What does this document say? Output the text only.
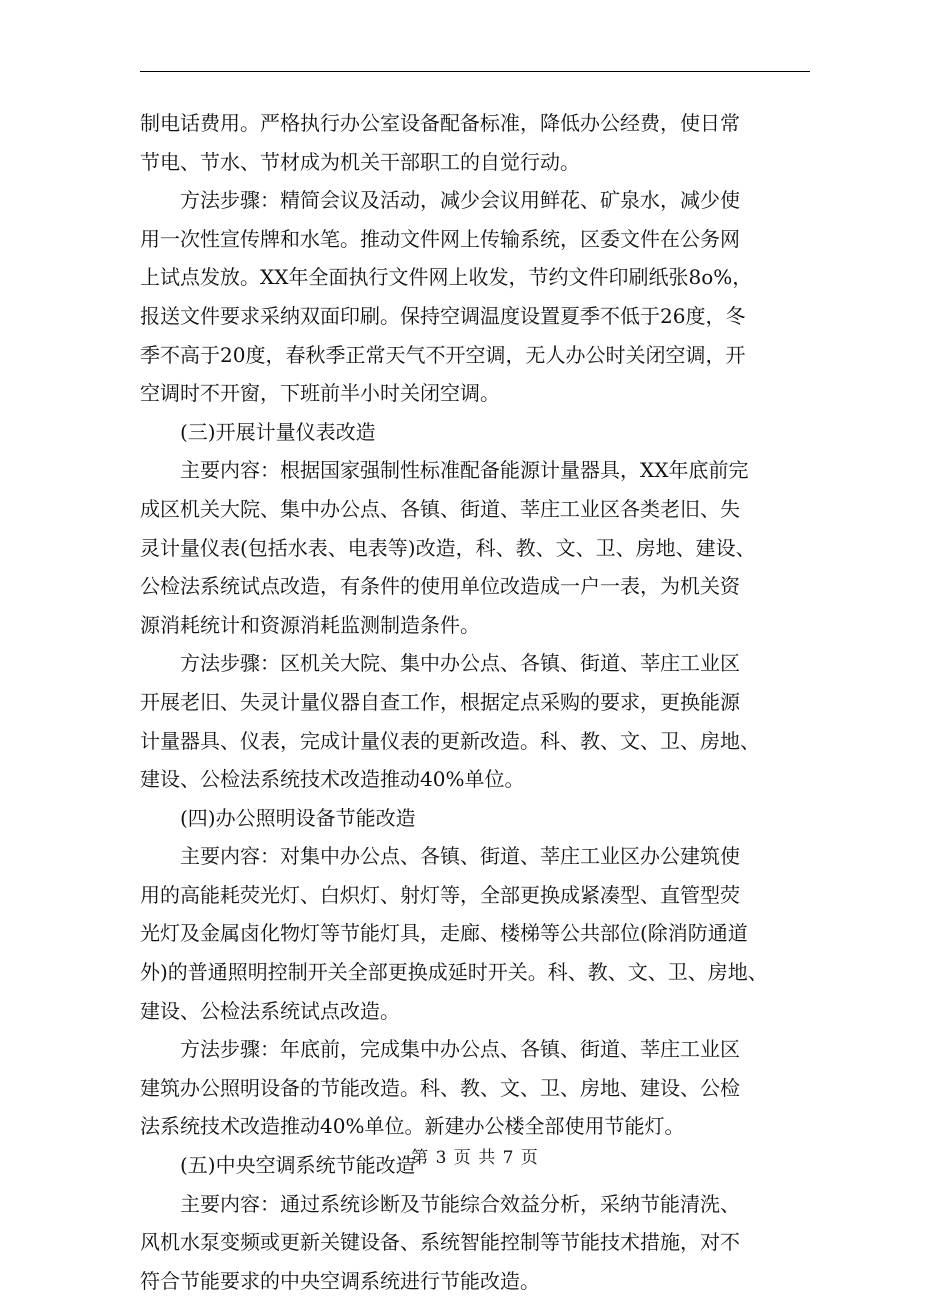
制电话费用。严格执行办公室设备配备标准，降低办公经费，使日常
节电、节水、节材成为机关干部职工的自觉行动。
方法步骤：精简会议及活动，减少会议用鲜花、矿泉水，减少使
用一次性宣传牌和水笔。推动文件网上传输系统，区委文件在公务网
上试点发放。XX年全面执行文件网上收发，节约文件印刷纸张8o%，
报送文件要求采纳双面印刷。保持空调温度设置夏季不低于26度，冬
季不高于20度，春秋季正常天气不开空调，无人办公时关闭空调，开
空调时不开窗，下班前半小时关闭空调。
(三)开展计量仪表改造
主要内容：根据国家强制性标准配备能源计量器具，XX年底前完
成区机关大院、集中办公点、各镇、街道、莘庄工业区各类老旧、失
灵计量仪表(包括水表、电表等)改造，科、教、文、卫、房地、建设、
公检法系统试点改造，有条件的使用单位改造成一户一表，为机关资
源消耗统计和资源消耗监测制造条件。
方法步骤：区机关大院、集中办公点、各镇、街道、莘庄工业区
开展老旧、失灵计量仪器自查工作，根据定点采购的要求，更换能源
计量器具、仪表，完成计量仪表的更新改造。科、教、文、卫、房地、
建设、公检法系统技术改造推动40%单位。
(四)办公照明设备节能改造
主要内容：对集中办公点、各镇、街道、莘庄工业区办公建筑使
用的高能耗荧光灯、白炽灯、射灯等，全部更换成紧凑型、直管型荧
光灯及金属卤化物灯等节能灯具，走廊、楼梯等公共部位(除消防通道
外)的普通照明控制开关全部更换成延时开关。科、教、文、卫、房地、
建设、公检法系统试点改造。
方法步骤：年底前，完成集中办公点、各镇、街道、莘庄工业区
建筑办公照明设备的节能改造。科、教、文、卫、房地、建设、公检
法系统技术改造推动40%单位。新建办公楼全部使用节能灯。
(五)中央空调系统节能改造
主要内容：通过系统诊断及节能综合效益分析，采纳节能清洗、
风机水泵变频或更新关键设备、系统智能控制等节能技术措施，对不
符合节能要求的中央空调系统进行节能改造。
第 3 页 共 7 页
